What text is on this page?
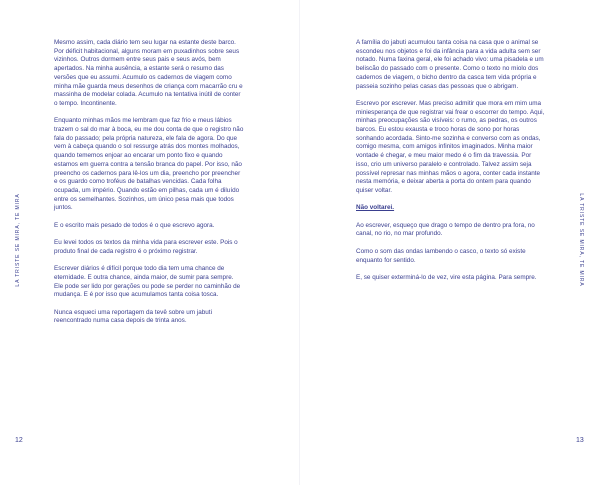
Mesmo assim, cada diário tem seu lugar na estante deste barco. Por déficit habitacional, alguns moram em puxadinhos sobre seus vizinhos. Outros dormem entre seus pais e seus avós, bem apertados. Na minha ausência, a estante será o resumo das versões que eu assumi. Acumulo os cadernos de viagem como minha mãe guarda meus desenhos de criança com macarrão cru e massinha de modelar colada. Acumulo na tentativa inútil de conter o tempo. Incontinente.

Enquanto minhas mãos me lembram que faz frio e meus lábios trazem o sal do mar à boca, eu me dou conta de que o registro não fala do passado; pela própria natureza, ele fala de agora. Do que vem à cabeça quando o sol ressurge atrás dos montes molhados, quando tememos enjoar ao encarar um ponto fixo e quando estamos em guerra contra a tensão branca do papel. Por isso, não preencho os cadernos para lê-los um dia, preencho por preencher e os guardo como troféus de batalhas vencidas. Cada folha ocupada, um império. Quando estão em pilhas, cada um é diluído entre os semelhantes. Sozinhos, um único pesa mais que todos juntos.

E o escrito mais pesado de todos é o que escrevo agora.

Eu levei todos os textos da minha vida para escrever este. Pois o produto final de cada registro é o próximo registrar.

Escrever diários é difícil porque todo dia tem uma chance de eternidade. E outra chance, ainda maior, de sumir para sempre. Ele pode ser lido por gerações ou pode se perder no caminhão de mudança. E é por isso que acumulamos tanta coisa tosca.

Nunca esqueci uma reportagem da tevê sobre um jabuti reencontrado numa casa depois de trinta anos.

LA TRISTE SE MIRA, TE MIRA
12

A família do jabuti acumulou tanta coisa na casa que o animal se escondeu nos objetos e foi da infância para a vida adulta sem ser notado. Numa faxina geral, ele foi achado vivo: uma pisadela e um beliscão do passado com o presente. Como o texto no miolo dos cadernos de viagem, o bicho dentro da casca tem vida própria e passeia sozinho pelas casas das pessoas que o abrigam.

Escrevo por escrever. Mas preciso admitir que mora em mim uma miniesperança de que registrar vai frear o escorrer do tempo. Aqui, minhas preocupações são visíveis: o rumo, as pedras, os outros barcos. Eu estou exausta e troco horas de sono por horas sonhando acordada. Sinto-me sozinha e converso com as ondas, comigo mesma, com amigos infinitos imaginados. Minha maior vontade é chegar, e meu maior medo é o fim da travessia. Por isso, crio um universo paralelo e controlado. Talvez assim seja possível represar nas minhas mãos o agora, conter cada instante nesta memória, e deixar aberta a porta do ontem para quando quiser voltar.

Não voltarei.

Ao escrever, esqueço que drago o tempo de dentro pra fora, no canal, no rio, no mar profundo.

Como o som das ondas lambendo o casco, o texto só existe enquanto for sentido.

E, se quiser exterminá-lo de vez, vire esta página. Para sempre.	LA TRISTE SE MIRA, TE MIRA
13
